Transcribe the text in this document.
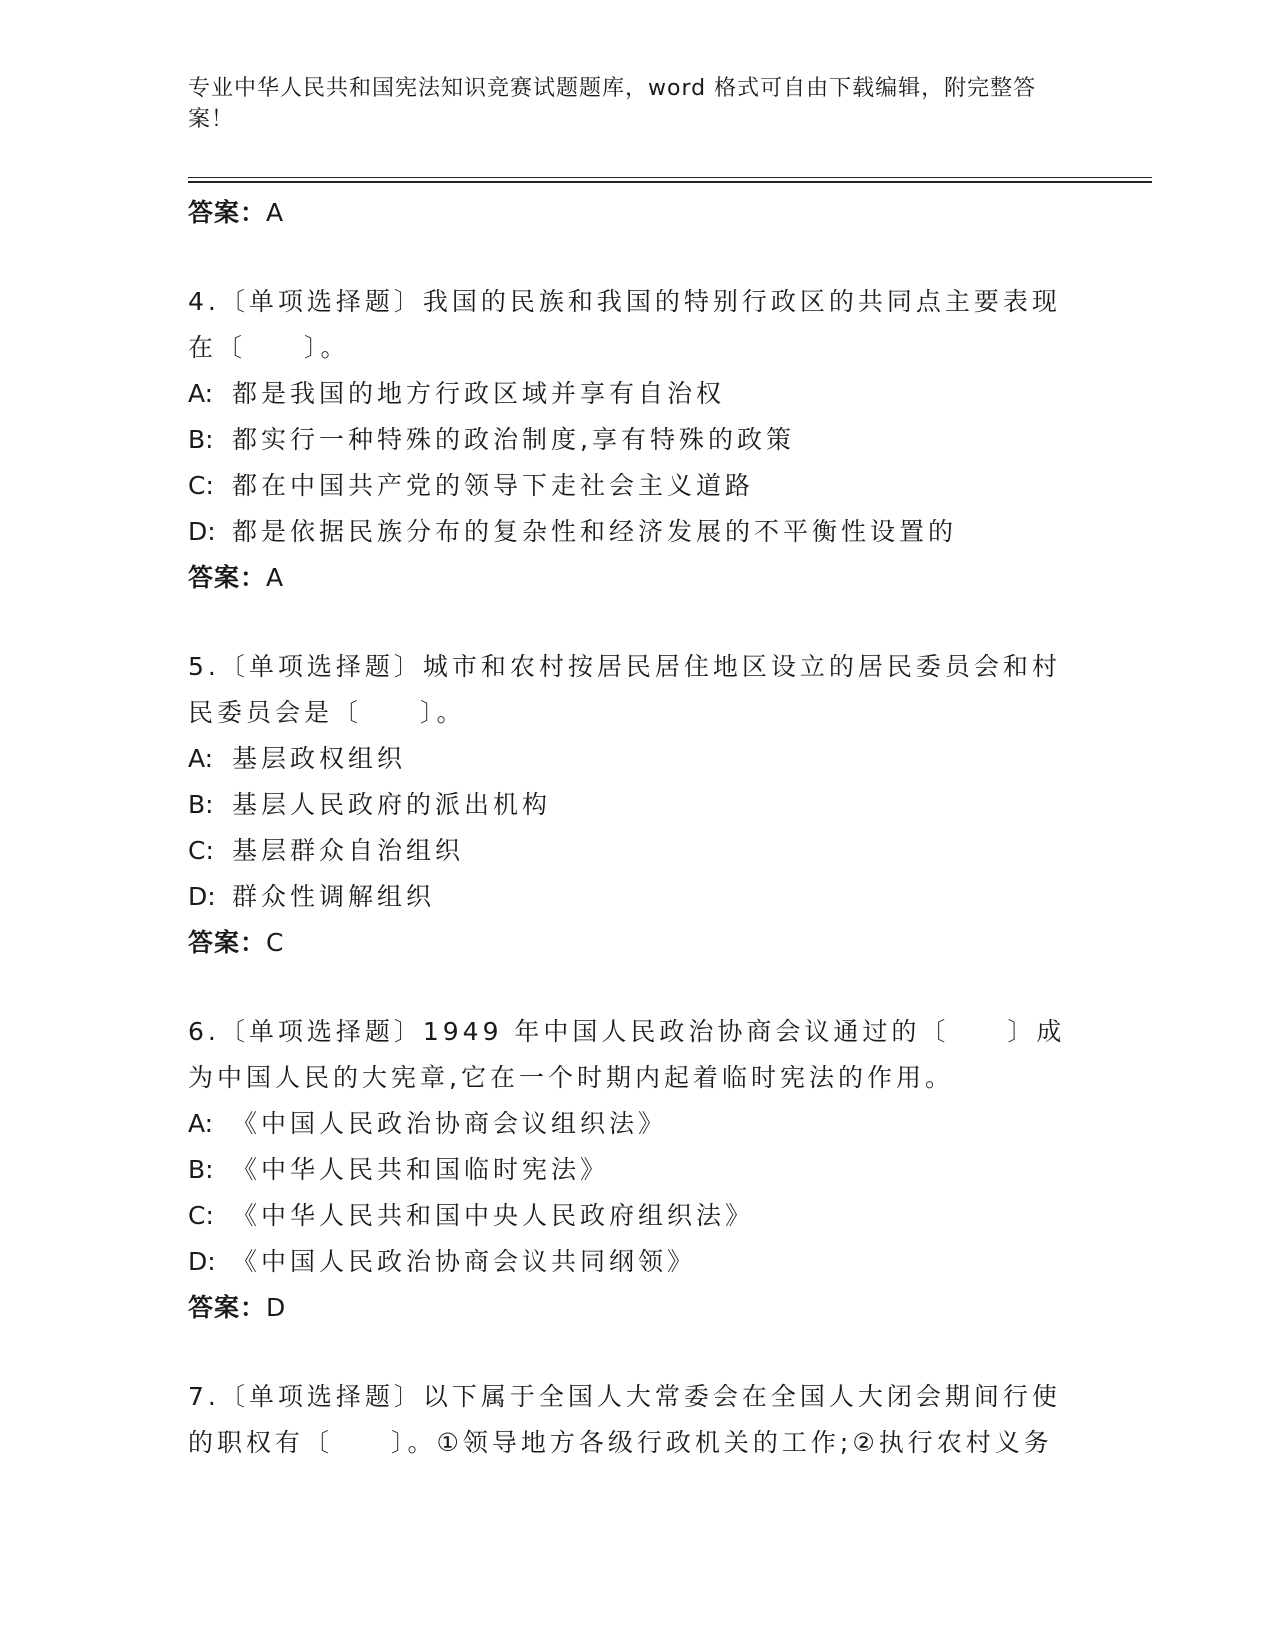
专业中华人民共和国宪法知识竞赛试题题库，word 格式可自由下载编辑，附完整答案！
答案：A
4.〔单项选择题〕我国的民族和我国的特别行政区的共同点主要表现在〔　　〕。
A: 都是我国的地方行政区域并享有自治权
B: 都实行一种特殊的政治制度,享有特殊的政策
C: 都在中国共产党的领导下走社会主义道路
D: 都是依据民族分布的复杂性和经济发展的不平衡性设置的
答案：A
5.〔单项选择题〕城市和农村按居民居住地区设立的居民委员会和村民委员会是〔　　〕。
A: 基层政权组织
B: 基层人民政府的派出机构
C: 基层群众自治组织
D: 群众性调解组织
答案：C
6.〔单项选择题〕1949 年中国人民政治协商会议通过的〔　　〕成为中国人民的大宪章,它在一个时期内起着临时宪法的作用。
A: 《中国人民政治协商会议组织法》
B: 《中华人民共和国临时宪法》
C: 《中华人民共和国中央人民政府组织法》
D: 《中国人民政治协商会议共同纲领》
答案：D
7.〔单项选择题〕以下属于全国人大常委会在全国人大闭会期间行使的职权有〔　　〕。①领导地方各级行政机关的工作;②执行农村义务
